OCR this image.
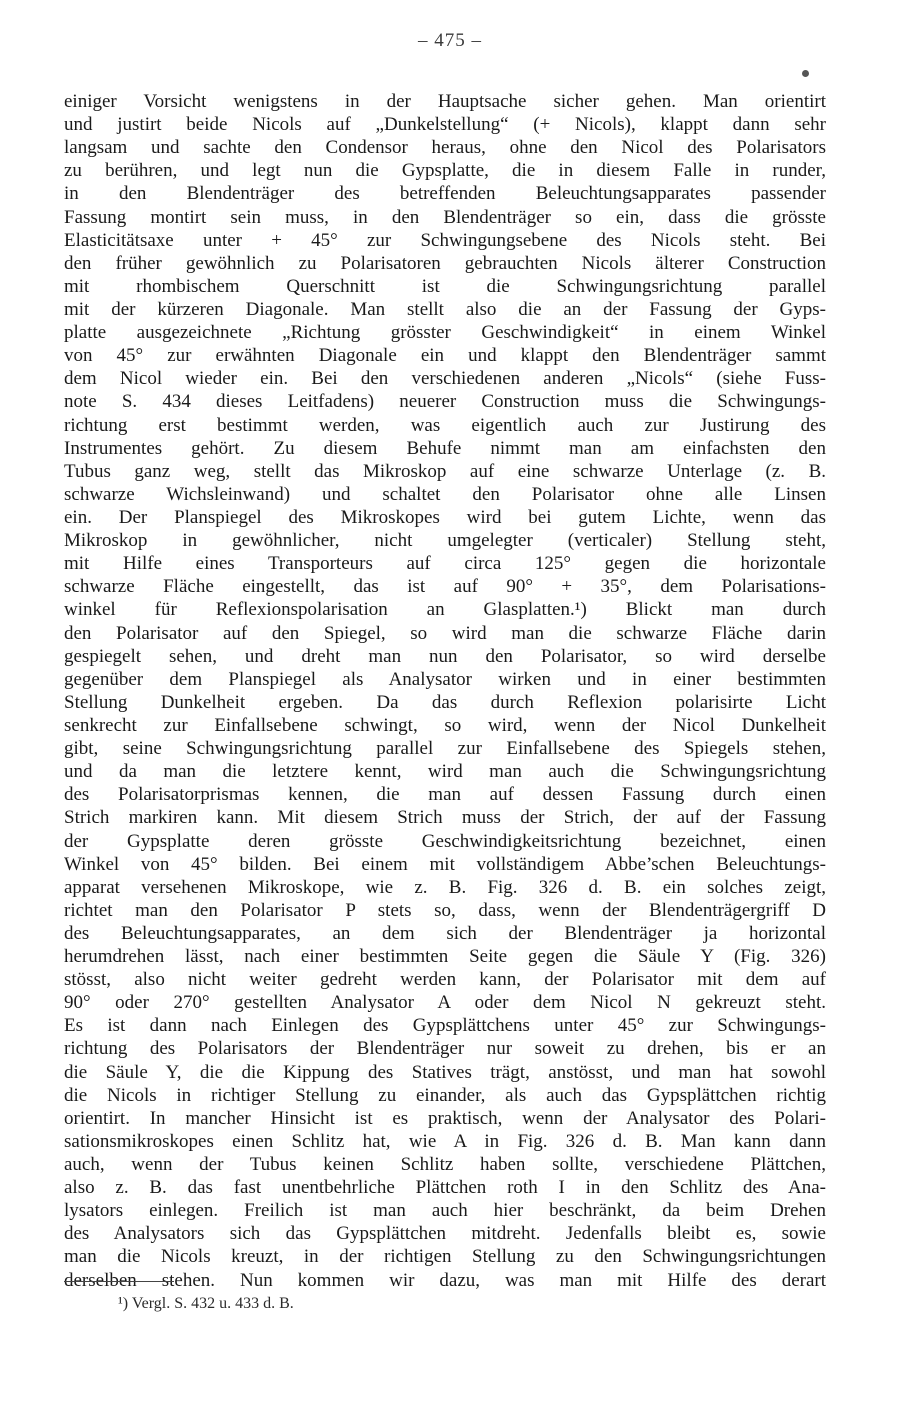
– 475 –
einiger Vorsicht wenigstens in der Hauptsache sicher gehen. Man orientirt
und justirt beide Nicols auf „Dunkelstellung“ (+ Nicols), klappt dann sehr
langsam und sachte den Condensor heraus, ohne den Nicol des Polarisators
zu berühren, und legt nun die Gypsplatte, die in diesem Falle in runder,
in den Blendenträger des betreffenden Beleuchtungsapparates passender
Fassung montirt sein muss, in den Blendenträger so ein, dass die grösste
Elasticitätsaxe unter + 45° zur Schwingungsebene des Nicols steht. Bei
den früher gewöhnlich zu Polarisatoren gebrauchten Nicols älterer Construction
mit rhombischem Querschnitt ist die Schwingungsrichtung parallel
mit der kürzeren Diagonale. Man stellt also die an der Fassung der Gyps-
platte ausgezeichnete „Richtung grösster Geschwindigkeit“ in einem Winkel
von 45° zur erwähnten Diagonale ein und klappt den Blendenträger sammt
dem Nicol wieder ein. Bei den verschiedenen anderen „Nicols“ (siehe Fuss-
note S. 434 dieses Leitfadens) neuerer Construction muss die Schwingungs-
richtung erst bestimmt werden, was eigentlich auch zur Justirung des
Instrumentes gehört. Zu diesem Behufe nimmt man am einfachsten den
Tubus ganz weg, stellt das Mikroskop auf eine schwarze Unterlage (z. B.
schwarze Wichsleinwand) und schaltet den Polarisator ohne alle Linsen
ein. Der Planspiegel des Mikroskopes wird bei gutem Lichte, wenn das
Mikroskop in gewöhnlicher, nicht umgelegter (verticaler) Stellung steht,
mit Hilfe eines Transporteurs auf circa 125° gegen die horizontale
schwarze Fläche eingestellt, das ist auf 90° + 35°, dem Polarisations-
winkel für Reflexionspolarisation an Glasplatten.¹) Blickt man durch
den Polarisator auf den Spiegel, so wird man die schwarze Fläche darin
gespiegelt sehen, und dreht man nun den Polarisator, so wird derselbe
gegenüber dem Planspiegel als Analysator wirken und in einer bestimmten
Stellung Dunkelheit ergeben. Da das durch Reflexion polarisirte Licht
senkrecht zur Einfallsebene schwingt, so wird, wenn der Nicol Dunkelheit
gibt, seine Schwingungsrichtung parallel zur Einfallsebene des Spiegels stehen,
und da man die letztere kennt, wird man auch die Schwingungsrichtung
des Polarisatorprismas kennen, die man auf dessen Fassung durch einen
Strich markiren kann. Mit diesem Strich muss der Strich, der auf der Fassung
der Gypsplatte deren grösste Geschwindigkeitsrichtung bezeichnet, einen
Winkel von 45° bilden. Bei einem mit vollständigem Abbe’schen Beleuchtungs-
apparat versehenen Mikroskope, wie z. B. Fig. 326 d. B. ein solches zeigt,
richtet man den Polarisator P stets so, dass, wenn der Blendenträgergriff D
des Beleuchtungsapparates, an dem sich der Blendenträger ja horizontal
herumdrehen lässt, nach einer bestimmten Seite gegen die Säule Y (Fig. 326)
stösst, also nicht weiter gedreht werden kann, der Polarisator mit dem auf
90° oder 270° gestellten Analysator A oder dem Nicol N gekreuzt steht.
Es ist dann nach Einlegen des Gypsplättchens unter 45° zur Schwingungs-
richtung des Polarisators der Blendenträger nur soweit zu drehen, bis er an
die Säule Y, die die Kippung des Statives trägt, anstösst, und man hat sowohl
die Nicols in richtiger Stellung zu einander, als auch das Gypsplättchen richtig
orientirt. In mancher Hinsicht ist es praktisch, wenn der Analysator des Polari-
sationsmikroskopes einen Schlitz hat, wie A in Fig. 326 d. B. Man kann dann
auch, wenn der Tubus keinen Schlitz haben sollte, verschiedene Plättchen,
also z. B. das fast unentbehrliche Plättchen roth I in den Schlitz des Ana-
lysators einlegen. Freilich ist man auch hier beschränkt, da beim Drehen
des Analysators sich das Gypsplättchen mitdreht. Jedenfalls bleibt es, sowie
man die Nicols kreuzt, in der richtigen Stellung zu den Schwingungsrichtungen
derselben stehen. Nun kommen wir dazu, was man mit Hilfe des derart
¹) Vergl. S. 432 u. 433 d. B.
